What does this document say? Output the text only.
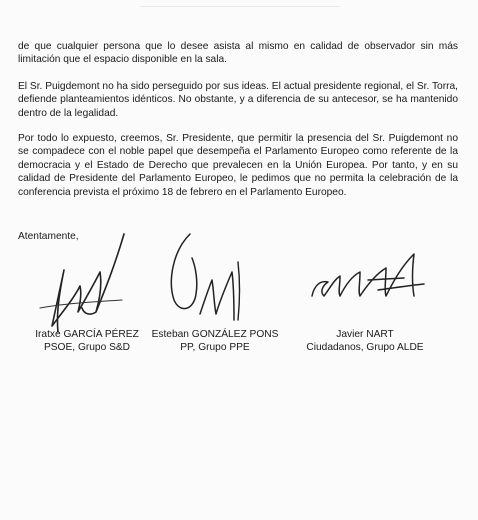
de que cualquier persona que lo desee asista al mismo en calidad de observador sin más limitación que el espacio disponible en la sala.

El Sr. Puigdemont no ha sido perseguido por sus ideas. El actual presidente regional, el Sr. Torra, defiende planteamientos idénticos. No obstante, y a diferencia de su antecesor, se ha mantenido dentro de la legalidad.

Por todo lo expuesto, creemos, Sr. Presidente, que permitir la presencia del Sr. Puigdemont no se compadece con el noble papel que desempeña el Parlamento Europeo como referente de la democracia y el Estado de Derecho que prevalecen en la Unión Europea. Por tanto, y en su calidad de Presidente del Parlamento Europeo, le pedimos que no permita la celebración de la conferencia prevista el próximo 18 de febrero en el Parlamento Europeo.

Atentamente,

Iratxe GARCÍA PÉREZ
PSOE, Grupo S&D
Esteban GONZÁLEZ PONS
PP, Grupo PPE
Javier NART
Ciudadanos, Grupo ALDE
